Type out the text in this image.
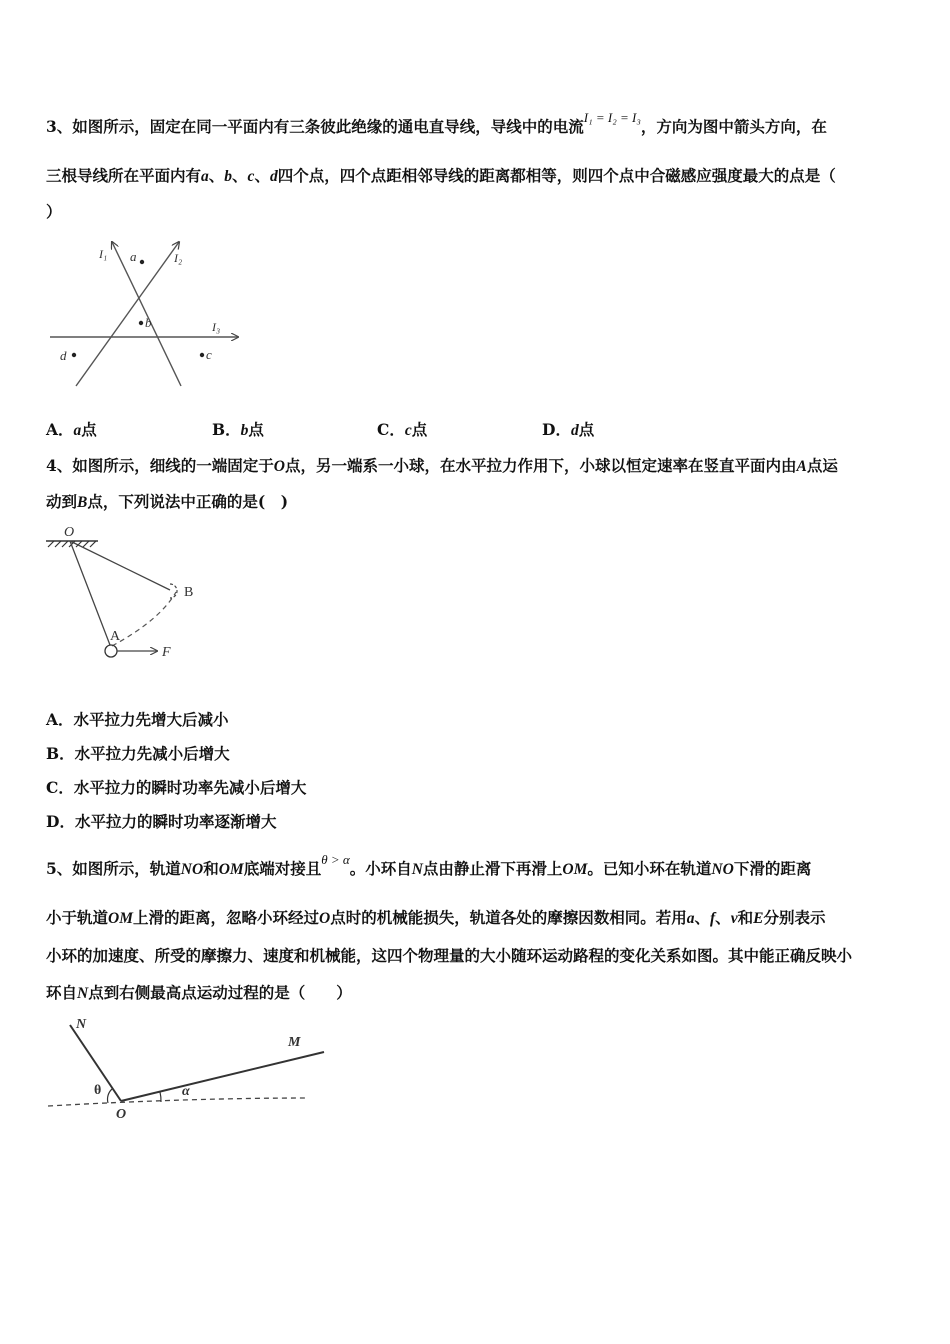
3、如图所示，固定在同一平面内有三条彼此绝缘的通电直导线，导线中的电流$^{I_1 = I_2 = I_3}$，方向为图中箭头方向，在
三根导线所在平面内有a、b、c、d四个点，四个点距相邻导线的距离都相等，则四个点中合磁感应强度最大的点是（
）
I₁	I₂
I₃
a
b
d	c
A．a点	B．b点	C．c点	D．d点
4、如图所示，细线的一端固定于O点，另一端系一小球，在水平拉力作用下，小球以恒定速率在竖直平面内由A点运
动到B点，下列说法中正确的是(　)
O
B
A
F
A．水平拉力先增大后减小
B．水平拉力先减小后增大
C．水平拉力的瞬时功率先减小后增大
D．水平拉力的瞬时功率逐渐增大
5、如图所示，轨道NO和OM底端对接且$^{\theta > \alpha}$。小环自N点由静止滑下再滑上OM。已知小环在轨道NO下滑的距离
小于轨道OM上滑的距离，忽略小环经过O点时的机械能损失，轨道各处的摩擦因数相同。若用a、f、v和E分别表示
小环的加速度、所受的摩擦力、速度和机械能，这四个物理量的大小随环运动路程的变化关系如图。其中能正确反映小
环自N点到右侧最高点运动过程的是（　　）
N
M
θ	α
O
